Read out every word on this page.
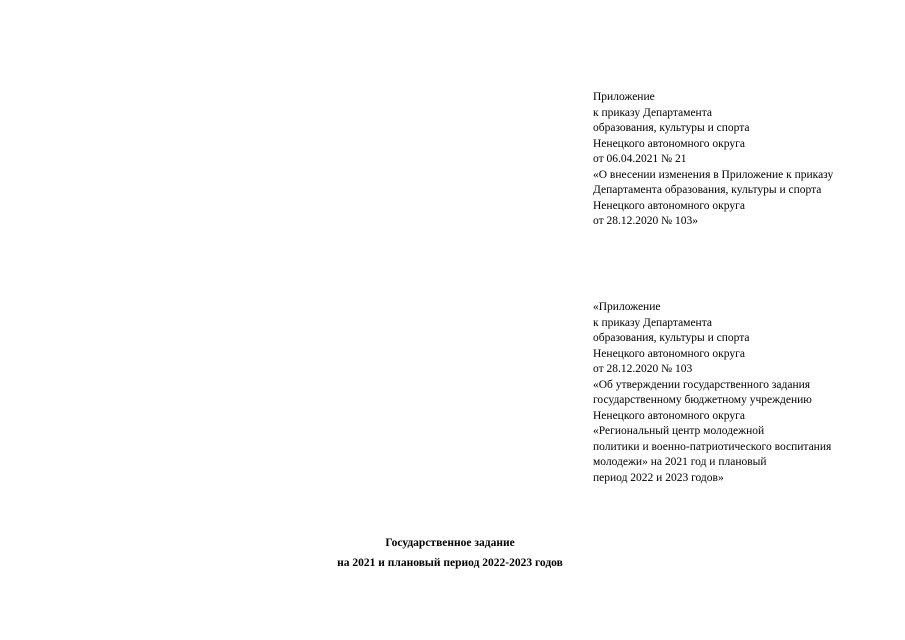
Приложение
к приказу Департамента
образования, культуры и спорта
Ненецкого автономного округа
от 06.04.2021 № 21
«О внесении изменения в Приложение к приказу
Департамента образования, культуры и спорта
Ненецкого автономного округа
от 28.12.2020 № 103»
«Приложение
к приказу Департамента
образования, культуры и спорта
Ненецкого автономного округа
от 28.12.2020 № 103
«Об утверждении государственного задания
государственному бюджетному учреждению
Ненецкого автономного округа
«Региональный центр молодежной
политики и военно-патриотического воспитания
молодежи» на 2021 год и плановый
период 2022 и 2023 годов»
Государственное задание
на 2021 и плановый период 2022-2023 годов
